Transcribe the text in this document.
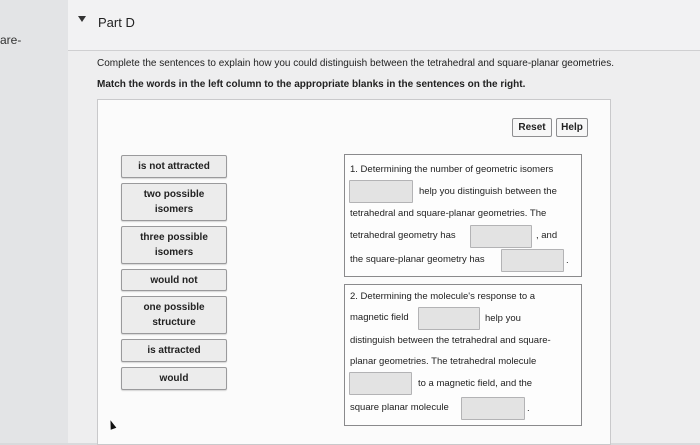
are-
Part D
Complete the sentences to explain how you could distinguish between the tetrahedral and square-planar geometries.
Match the words in the left column to the appropriate blanks in the sentences on the right.
Reset	Help
is not attracted
two possible
isomers
three possible
isomers
would not
one possible
structure
is attracted
would
1. Determining the number of geometric isomers
help you distinguish between the
tetrahedral and square-planar geometries. The
tetrahedral geometry has	, and
the square-planar geometry has	.
2. Determining the molecule's response to a
magnetic field	help you
distinguish between the tetrahedral and square-
planar geometries. The tetrahedral molecule
to a magnetic field, and the
square planar molecule	.
